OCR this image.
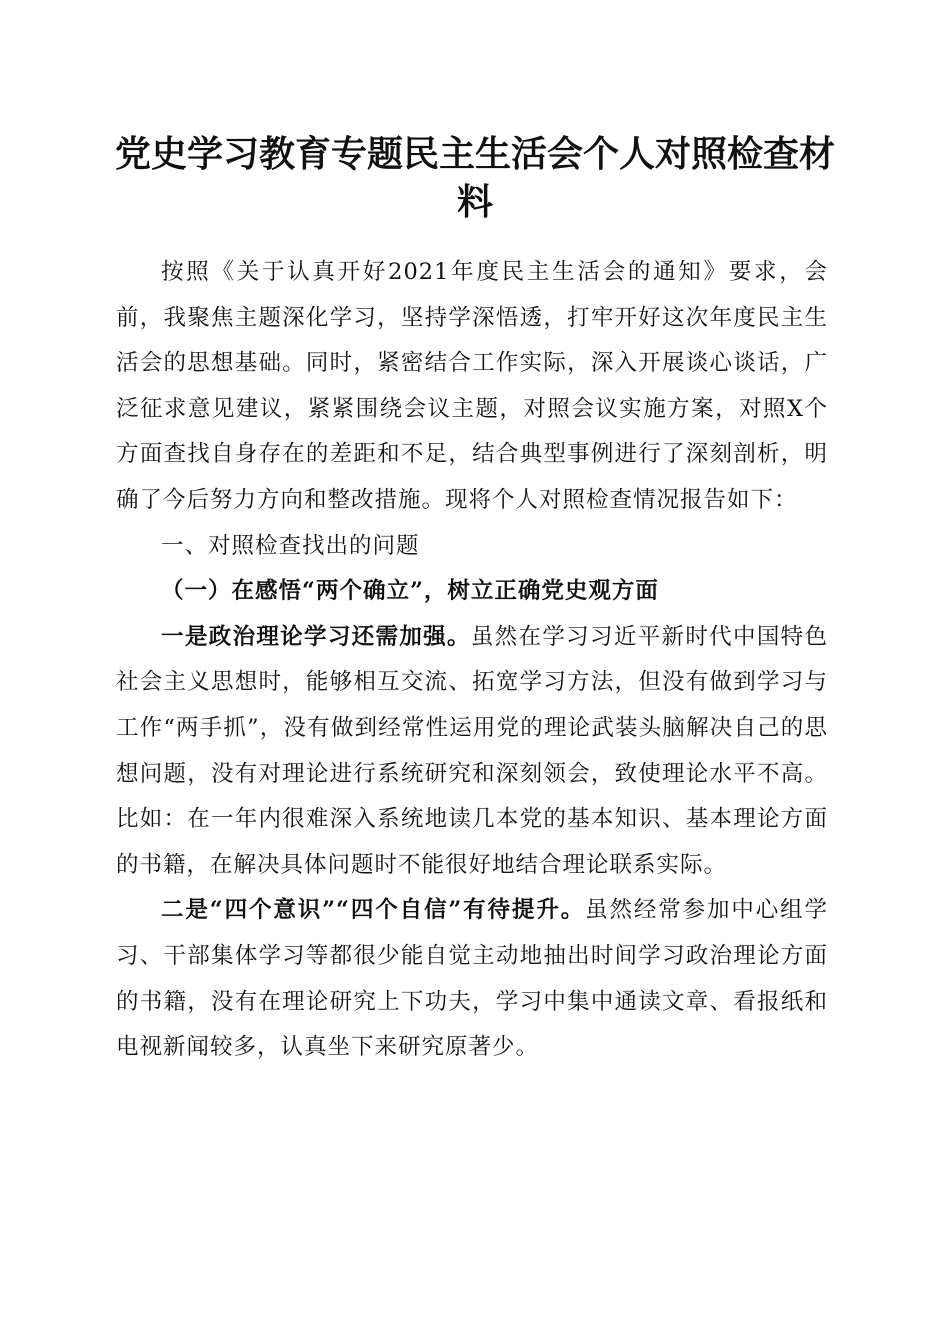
党史学习教育专题民主生活会个人对照检查材料

按照《关于认真开好2021年度民主生活会的通知》要求，会前，我聚焦主题深化学习，坚持学深悟透，打牢开好这次年度民主生活会的思想基础。同时，紧密结合工作实际，深入开展谈心谈话，广泛征求意见建议，紧紧围绕会议主题，对照会议实施方案，对照X个方面查找自身存在的差距和不足，结合典型事例进行了深刻剖析，明确了今后努力方向和整改措施。现将个人对照检查情况报告如下：

一、对照检查找出的问题

（一）在感悟“两个确立”，树立正确党史观方面

一是政治理论学习还需加强。虽然在学习习近平新时代中国特色社会主义思想时，能够相互交流、拓宽学习方法，但没有做到学习与工作“两手抓”，没有做到经常性运用党的理论武装头脑解决自己的思想问题，没有对理论进行系统研究和深刻领会，致使理论水平不高。比如：在一年内很难深入系统地读几本党的基本知识、基本理论方面的书籍，在解决具体问题时不能很好地结合理论联系实际。

二是“四个意识”“四个自信”有待提升。虽然经常参加中心组学习、干部集体学习等都很少能自觉主动地抽出时间学习政治理论方面的书籍，没有在理论研究上下功夫，学习中集中通读文章、看报纸和电视新闻较多，认真坐下来研究原著少。
